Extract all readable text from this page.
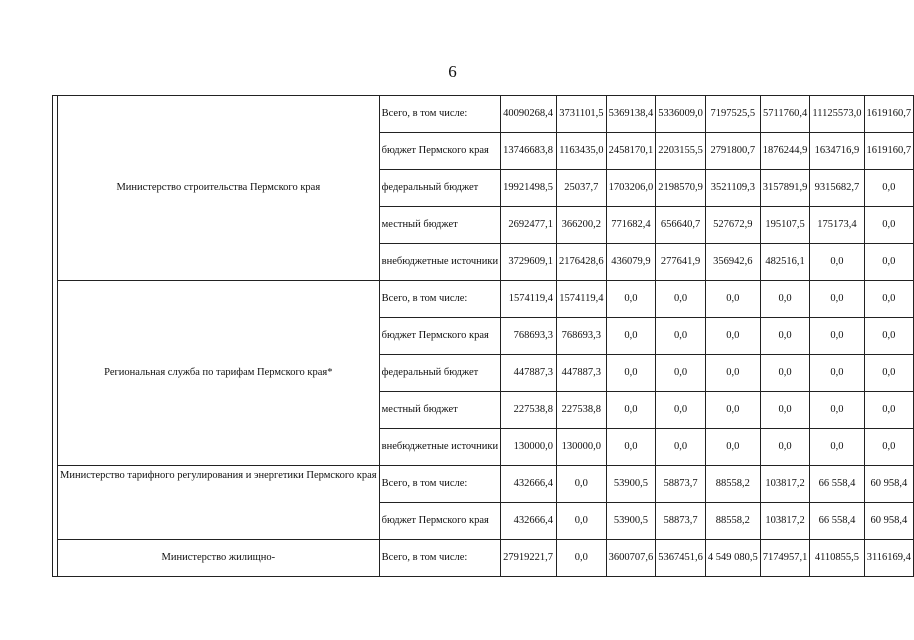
6
	Министерство строительства Пермского края	Всего, в том числе:	40090268,4	3731101,5	5369138,4	5336009,0	7197525,5	5711760,4	11125573,0	1619160,7
		бюджет Пермского края	13746683,8	1163435,0	2458170,1	2203155,5	2791800,7	1876244,9	1634716,9	1619160,7
		федеральный бюджет	19921498,5	25037,7	1703206,0	2198570,9	3521109,3	3157891,9	9315682,7	0,0
		местный бюджет	2692477,1	366200,2	771682,4	656640,7	527672,9	195107,5	175173,4	0,0
		внебюджетные источники	3729609,1	2176428,6	436079,9	277641,9	356942,6	482516,1	0,0	0,0
	Региональная служба по тарифам Пермского края*	Всего, в том числе:	1574119,4	1574119,4	0,0	0,0	0,0	0,0	0,0	0,0
		бюджет Пермского края	768693,3	768693,3	0,0	0,0	0,0	0,0	0,0	0,0
		федеральный бюджет	447887,3	447887,3	0,0	0,0	0,0	0,0	0,0	0,0
		местный бюджет	227538,8	227538,8	0,0	0,0	0,0	0,0	0,0	0,0
		внебюджетные источники	130000,0	130000,0	0,0	0,0	0,0	0,0	0,0	0,0
	Министерство тарифного регулирования и энергетики Пермского края	Всего, в том числе:	432666,4	0,0	53900,5	58873,7	88558,2	103817,2	66 558,4	60 958,4
		бюджет Пермского края	432666,4	0,0	53900,5	58873,7	88558,2	103817,2	66 558,4	60 958,4
	Министерство жилищно-	Всего, в том числе:	27919221,7	0,0	3600707,6	5367451,6	4 549 080,5	7174957,1	4110855,5	3116169,4
